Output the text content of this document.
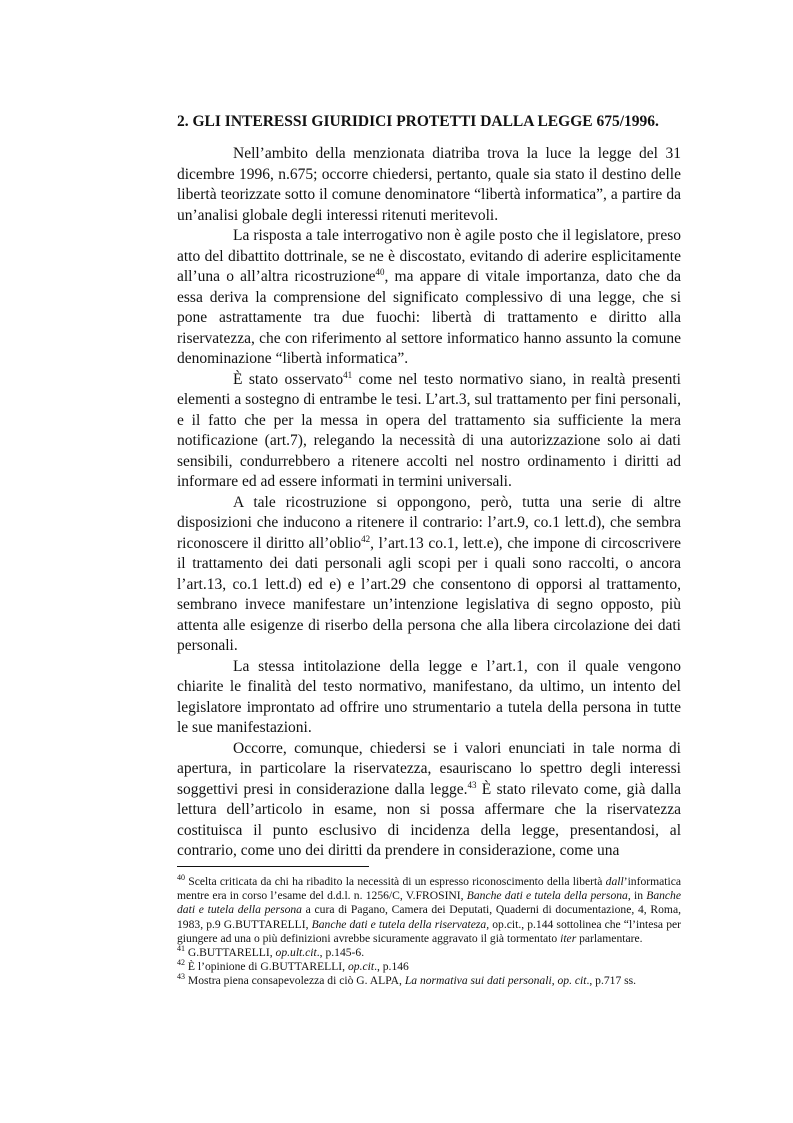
2. GLI INTERESSI GIURIDICI PROTETTI DALLA LEGGE 675/1996.

Nell’ambito della menzionata diatriba trova la luce la legge del 31 dicembre 1996, n.675; occorre chiedersi, pertanto, quale sia stato il destino delle libertà teorizzate sotto il comune denominatore “libertà informatica”, a partire da un’analisi globale degli interessi ritenuti meritevoli.

La risposta a tale interrogativo non è agile posto che il legislatore, preso atto del dibattito dottrinale, se ne è discostato, evitando di aderire esplicitamente all’una o all’altra ricostruzione$^{40}$, ma appare di vitale importanza, dato che da essa deriva la comprensione del significato complessivo di una legge, che si pone astrattamente tra due fuochi: libertà di trattamento e diritto alla riservatezza, che con riferimento al settore informatico hanno assunto la comune denominazione “libertà informatica”.

È stato osservato$^{41}$ come nel testo normativo siano, in realtà presenti elementi a sostegno di entrambe le tesi. L’art.3, sul trattamento per fini personali, e il fatto che per la messa in opera del trattamento sia sufficiente la mera notificazione (art.7), relegando la necessità di una autorizzazione solo ai dati sensibili, condurrebbero a ritenere accolti nel nostro ordinamento i diritti ad informare ed ad essere informati in termini universali.

A tale ricostruzione si oppongono, però, tutta una serie di altre disposizioni che inducono a ritenere il contrario: l’art.9, co.1 lett.d), che sembra riconoscere il diritto all’oblio$^{42}$, l’art.13 co.1, lett.e), che impone di circoscrivere il trattamento dei dati personali agli scopi per i quali sono raccolti, o ancora l’art.13, co.1 lett.d) ed e) e l’art.29 che consentono di opporsi al trattamento, sembrano invece manifestare un’intenzione legislativa di segno opposto, più attenta alle esigenze di riserbo della persona che alla libera circolazione dei dati personali.

La stessa intitolazione della legge e l’art.1, con il quale vengono chiarite le finalità del testo normativo, manifestano, da ultimo, un intento del legislatore improntato ad offrire uno strumentario a tutela della persona in tutte le sue manifestazioni.

Occorre, comunque, chiedersi se i valori enunciati in tale norma di apertura, in particolare la riservatezza, esauriscano lo spettro degli interessi soggettivi presi in considerazione dalla legge.$^{43}$ È stato rilevato come, già dalla lettura dell’articolo in esame, non si possa affermare che la riservatezza costituisca il punto esclusivo di incidenza della legge, presentandosi, al contrario, come uno dei diritti da prendere in considerazione, come una

$^{40}$ Scelta criticata da chi ha ribadito la necessità di un espresso riconoscimento della libertà dall’informatica mentre era in corso l’esame del d.d.l. n. 1256/C, V.FROSINI, Banche dati e tutela della persona, in Banche dati e tutela della persona a cura di Pagano, Camera dei Deputati, Quaderni di documentazione, 4, Roma, 1983, p.9 G.BUTTARELLI, Banche dati e tutela della riservateza, op.cit., p.144 sottolinea che “l’intesa per giungere ad una o più definizioni avrebbe sicuramente aggravato il già tormentato iter parlamentare.

$^{41}$ G.BUTTARELLI, op.ult.cit., p.145-6.

$^{42}$ È l’opinione di G.BUTTARELLI, op.cit., p.146

$^{43}$ Mostra piena consapevolezza di ciò G. ALPA, La normativa sui dati personali, op. cit., p.717 ss.
